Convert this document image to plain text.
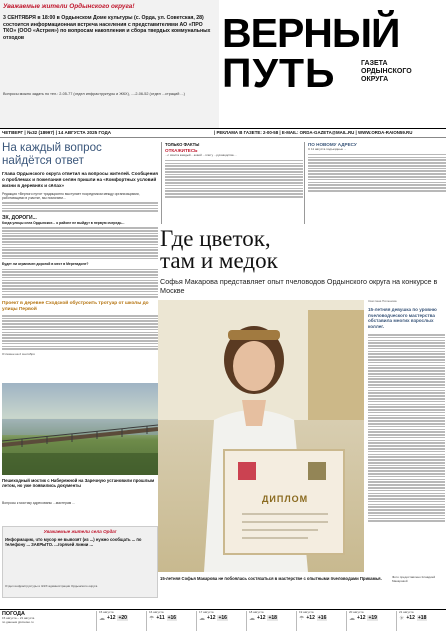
Уважаемые жители Ордынского округа!
3 СЕНТЯБРЯ в 18:00 в Ордынском Доме культуры (с. Орда, ул. Советская, 28) состоится информационная встреча населения с представителями АО «ПРО ТКО» (ООО «Астрея») по вопросам накопления и сбора твердых коммунальных отходов
Вопросы можно задать по тел.: 2-05-77 (отдел инфраструктуры и ЖКХ), ...-2-06-52 (отдел ...страций ...)
ВЕРНЫЙ
ПУТЬ	ГАЗЕТА
ОРДЫНСКОГО
ОКРУГА
ЧЕТВЕРГ | №32 (18997) | 14 АВГУСТА 2025 ГОДА	| РЕКЛАМА В ГАЗЕТЕ: 2-00-58 | E-MAIL: ORDA-GAZETA@MAIL.RU | WWW.ORDA-RAION59.RU
На каждый вопрос найдётся ответ
Глава Ордынского округа ответил на вопросы жителей. Сообщения о проблемах и пожелания селян пришли на «Комфортных условий жизни в деревнях и сёлах»
Редакция «Верного пути» традиционно выступает посредником между организациями, работающими в участке, мы помогаем...
ЭХ, ДОРОГИ...
Когда улицы села Ордынское... о районе не выйдут в первую очередь...
Будет ли ограничен дорогой в мест в Мерегидоне?
Проект в деревне Сходской обустроить тротуар от школы до улицы Первой
Отложен на 2 сентября
Пешеходный мостик с Набережной на Заречную установили прошлым летом, но уже появились документы
Вопросы к мостику адресованы ...мастерам ...
Уважаемые жители села Орда!
Информацию, что мусор не вывозят (из ...) нужно сообщать ... по телефону ... ЗАКРЫТО. ...горячей линии ...
Отдел инфраструктуры и ЖКХ администрации Ордынского округа
ТОЛЬКО ФАКТЫ
ОТКАЖИТЕСЬ
...с хвоста каждый ...ковой ...плиту ...руководства ...
ПО НОВОМУ АДРЕСУ
С 11 августа подъездные ...
Где цветок,
там и медок
Софья Макарова представляет опыт пчеловодов Ордынского округа на конкурсе в Москве
ДИПЛОМ
Светлана Пилюнова
15-летняя девушка по уровню пчеловодческого мастерства обставила многих взрослых коллег.
15-летняя Софья Макарова не побоялась состязаться в мастерстве с опытными пчеловодами Прикамья.	Фото предоставлено Клавдией Макаровой
ПОГОДА
15 августа – 21 августа
по данным gismeteo.ru
15 августа
☁ +12 +20
16 августа
☂ +11 +16
17 августа
☁ +12 +16
18 августа
☁ +12 +18
19 августа
☂ +12 +16
20 августа
☁ +12 +19
21 августа
☀ +12 +18
